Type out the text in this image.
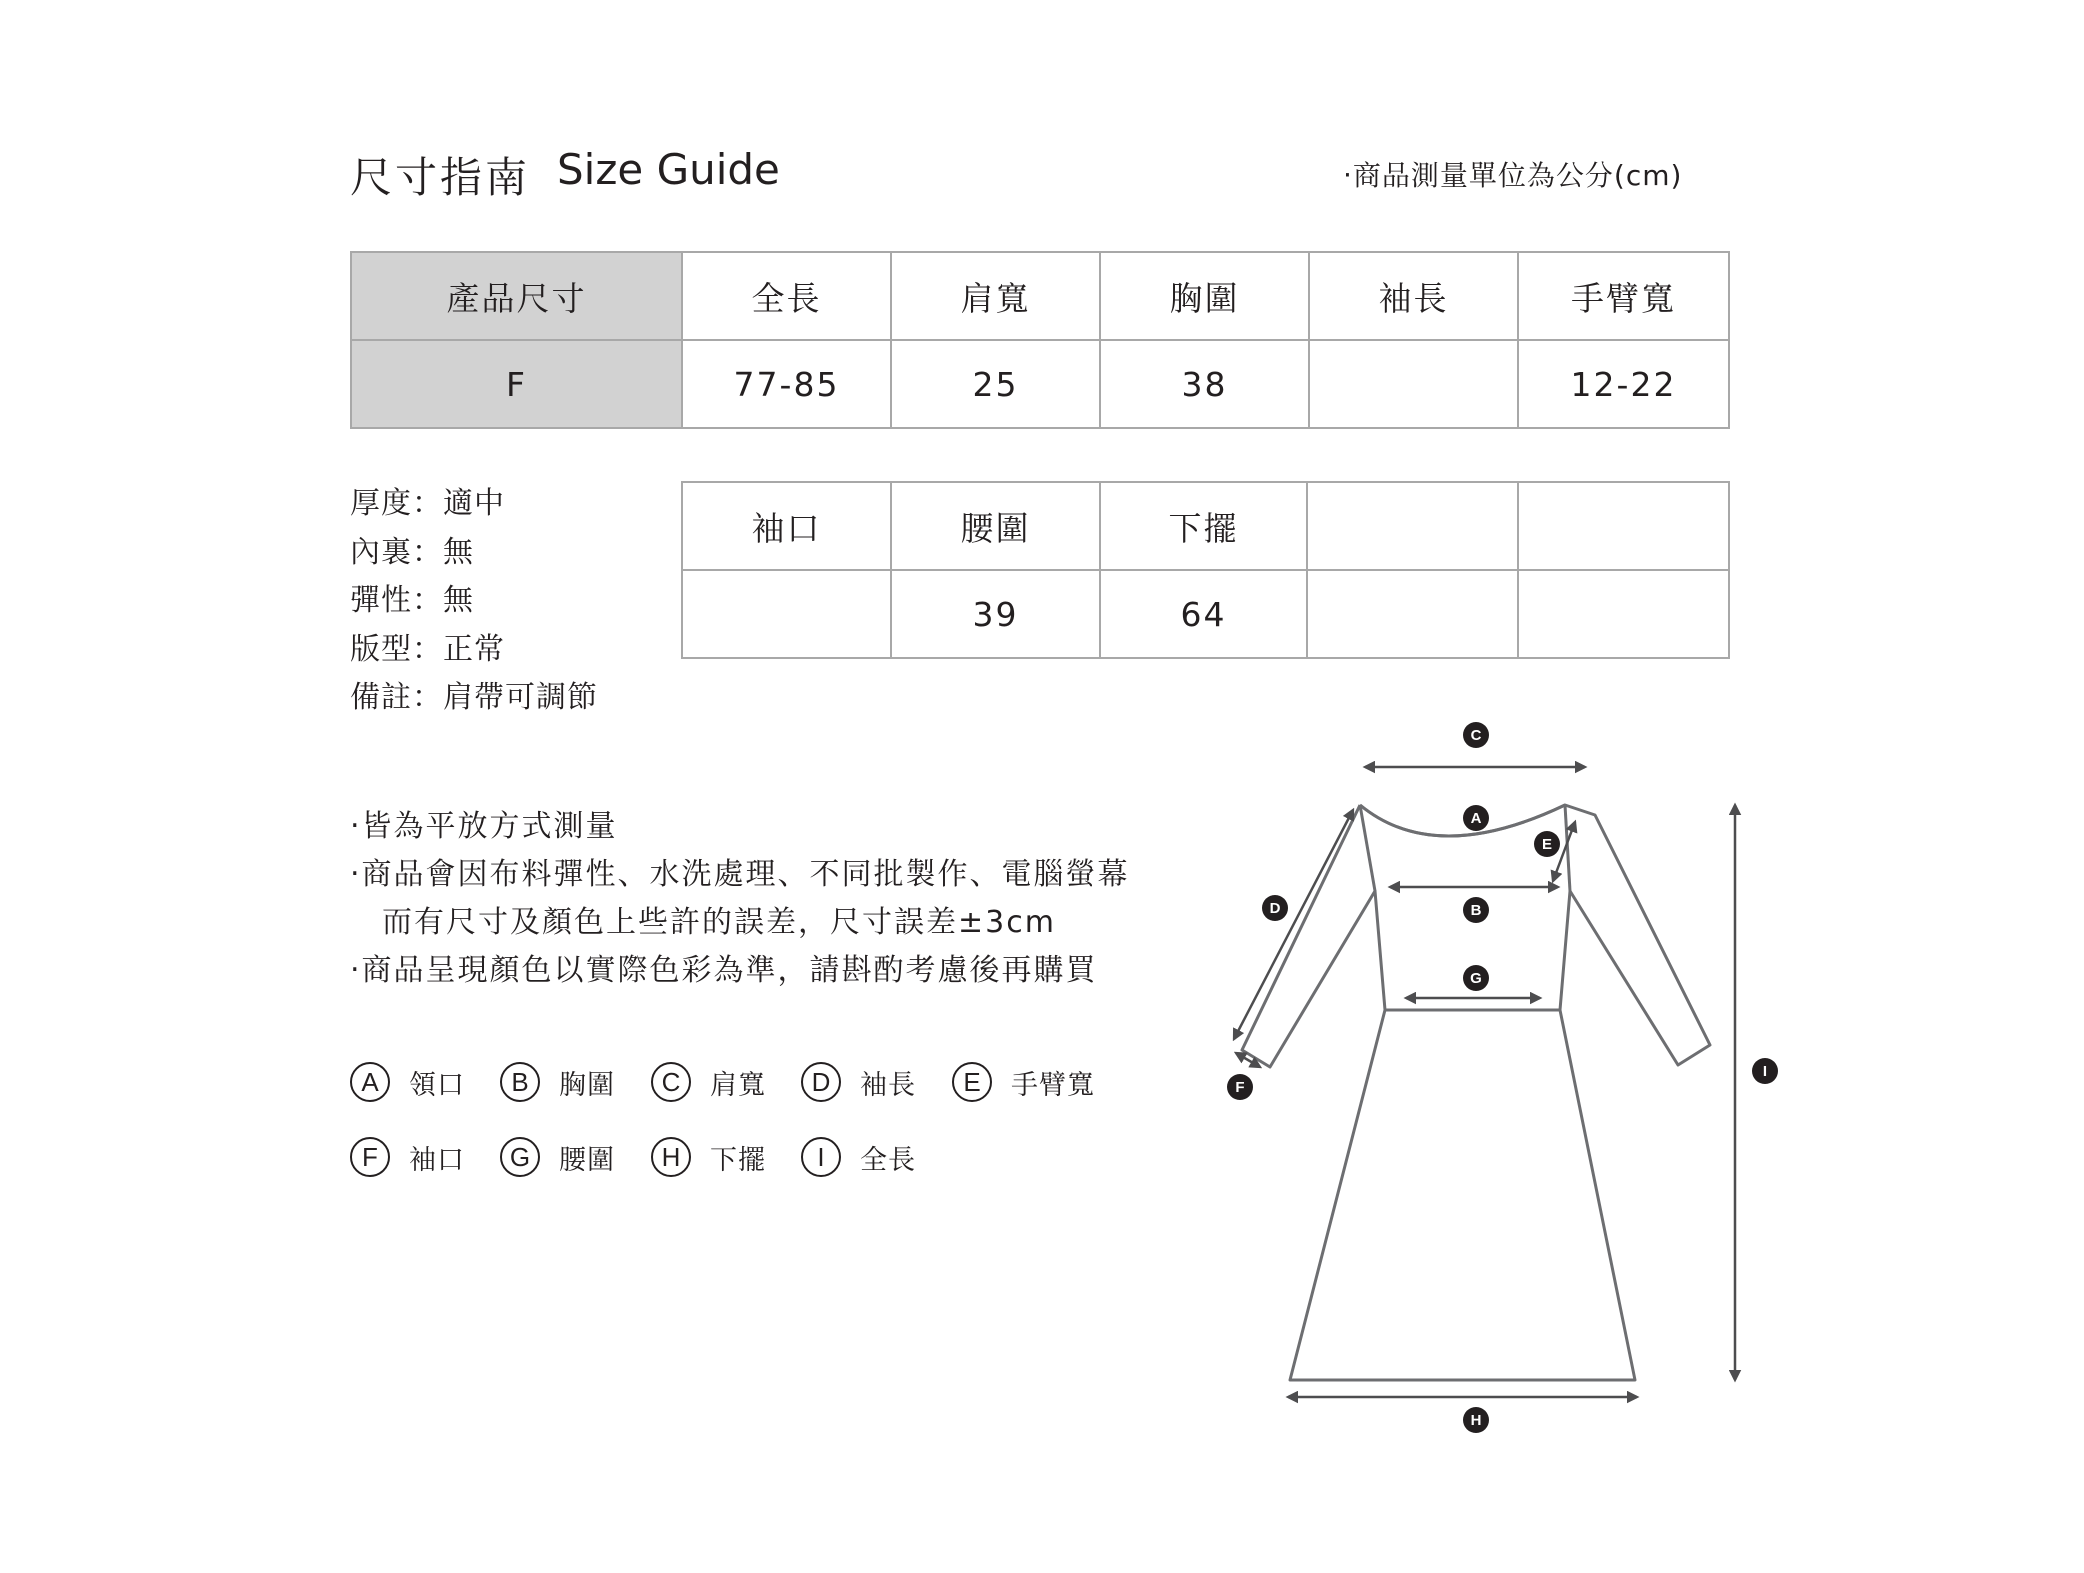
尺寸指南 Size Guide	‧商品測量單位為公分(cm)
產品尺寸	全長	肩寬	胸圍	袖長	手臂寬
F	77-85	25	38		12-22
袖口	腰圍	下擺		
	39	64		
厚度：適中
內裏：無
彈性：無
版型：正常
備註：肩帶可調節
‧皆為平放方式測量
‧商品會因布料彈性、水洗處理、不同批製作、電腦螢幕
而有尺寸及顏色上些許的誤差，尺寸誤差±3cm
‧商品呈現顏色以實際色彩為準，請斟酌考慮後再購買
A	領口	B	胸圍	C	肩寬	D	袖長	E	手臂寬
F	袖口	G	腰圍	H	下擺	I	全長
C
A
E
B
D
G
F
I
H
